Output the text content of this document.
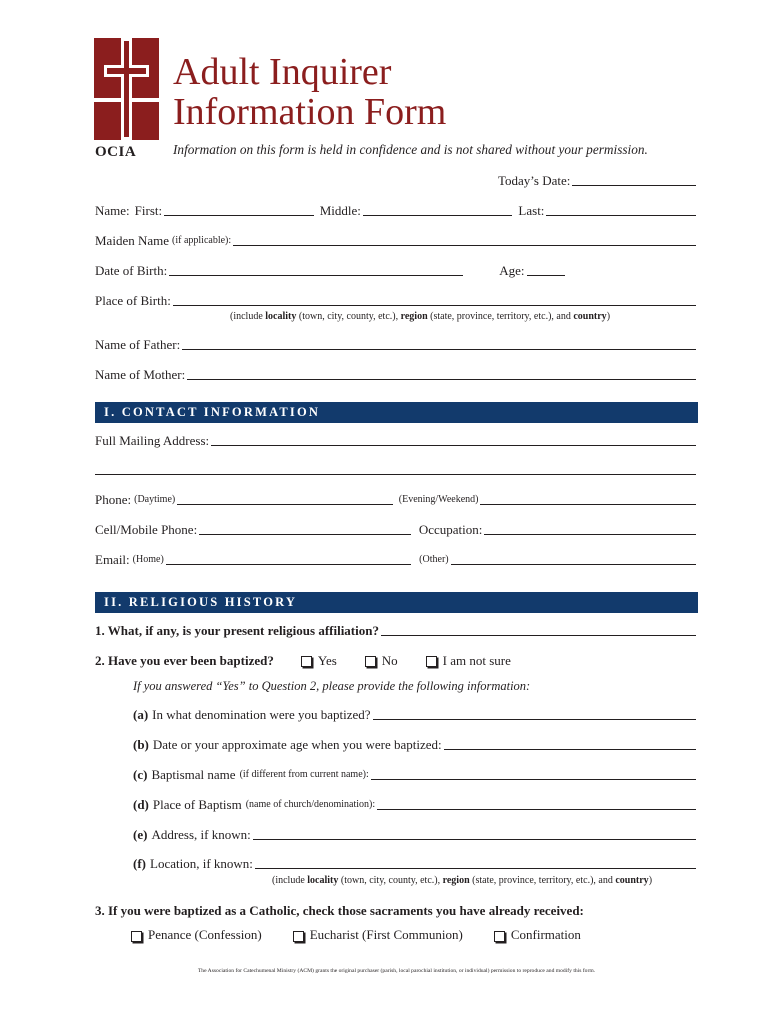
OCIA
Adult Inquirer
Information Form
Information on this form is held in confidence and is not shared without your permission.
Today’s Date:
Name: First:	Middle:	Last:
Maiden Name (if applicable):
Date of Birth:	Age:
Place of Birth:
(include locality (town, city, county, etc.), region (state, province, territory, etc.), and country)
Name of Father:
Name of Mother:
I. CONTACT INFORMATION
Full Mailing Address:
Phone: (Daytime)	(Evening/Weekend)
Cell/Mobile Phone:	Occupation:
Email: (Home)	(Other)
II. RELIGIOUS HISTORY
1. What, if any, is your present religious affiliation?
2. Have you ever been baptized?	Yes	No	I am not sure
If you answered “Yes” to Question 2, please provide the following information:
(a) In what denomination were you baptized?
(b) Date or your approximate age when you were baptized:
(c) Baptismal name (if different from current name):
(d) Place of Baptism (name of church/denomination):
(e) Address, if known:
(f) Location, if known:
(include locality (town, city, county, etc.), region (state, province, territory, etc.), and country)
3. If you were baptized as a Catholic, check those sacraments you have already received:
Penance (Confession)	Eucharist (First Communion)	Confirmation
The Association for Catechumenal Ministry (ACM) grants the original purchaser (parish, local parochial institution, or individual) permission to reproduce and modify this form.
